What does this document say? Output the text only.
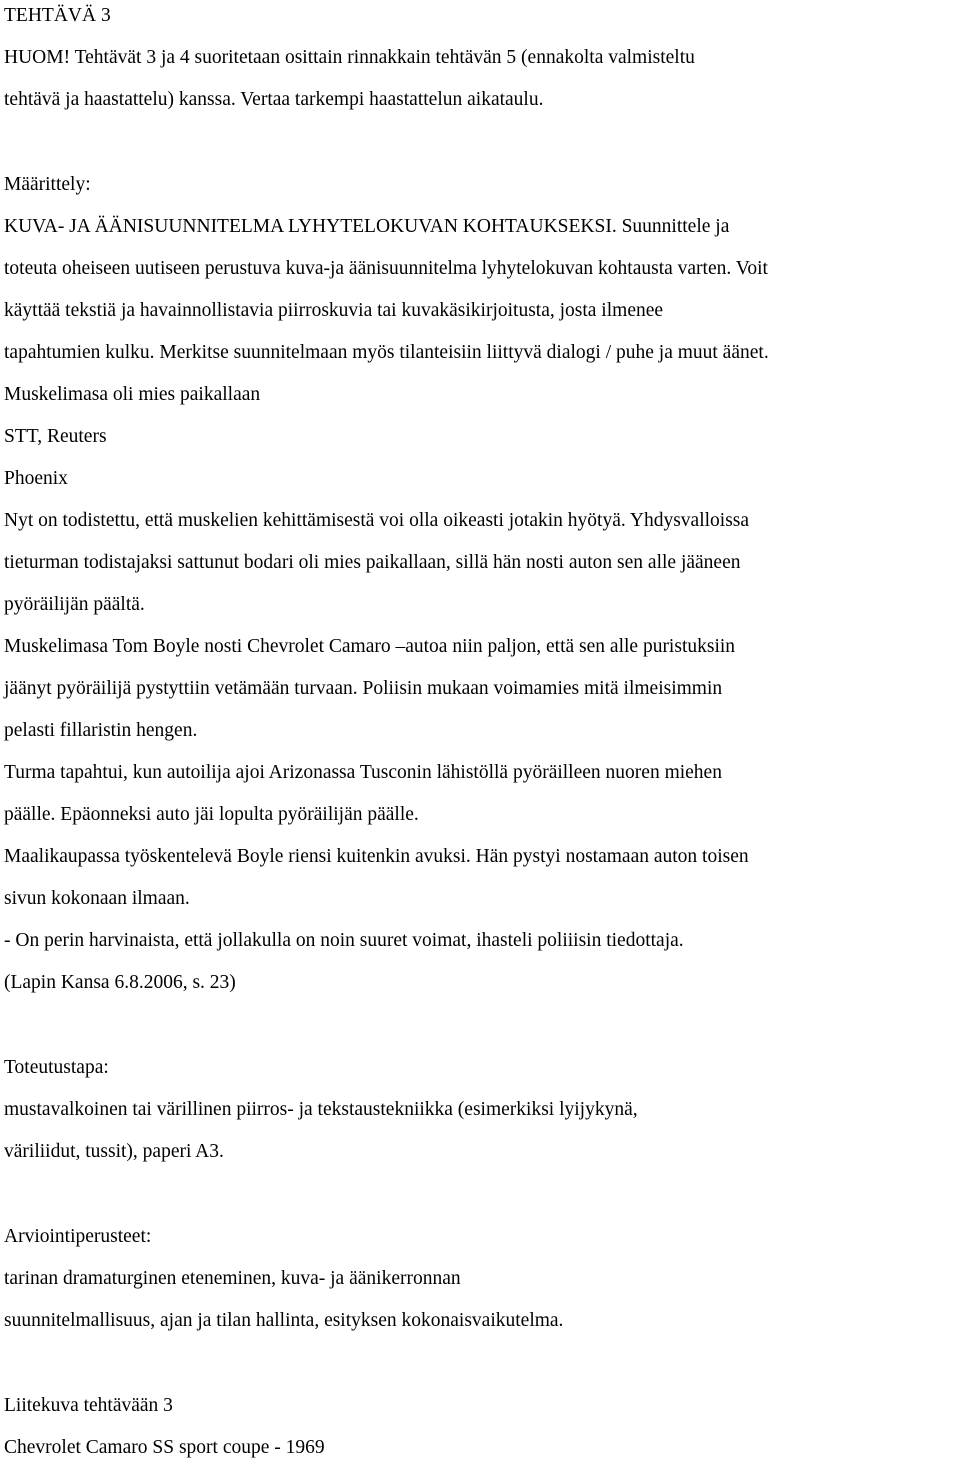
TEHTÄVÄ 3
HUOM! Tehtävät 3 ja 4 suoritetaan osittain rinnakkain tehtävän 5 (ennakolta valmisteltu
tehtävä ja haastattelu) kanssa. Vertaa tarkempi haastattelun aikataulu.
Määrittely:
KUVA- JA ÄÄNISUUNNITELMA LYHYTELOKUVAN KOHTAUKSEKSI. Suunnittele ja
toteuta oheiseen uutiseen perustuva kuva-ja äänisuunnitelma lyhytelokuvan kohtausta varten. Voit
käyttää tekstiä ja havainnollistavia piirroskuvia tai kuvakäsikirjoitusta, josta ilmenee
tapahtumien kulku. Merkitse suunnitelmaan myös tilanteisiin liittyvä dialogi / puhe ja muut äänet.
Muskelimasa oli mies paikallaan
STT, Reuters
Phoenix
Nyt on todistettu, että muskelien kehittämisestä voi olla oikeasti jotakin hyötyä. Yhdysvalloissa
tieturman todistajaksi sattunut bodari oli mies paikallaan, sillä hän nosti auton sen alle jääneen
pyöräilijän päältä.
Muskelimasa Tom Boyle nosti Chevrolet Camaro –autoa niin paljon, että sen alle puristuksiin
jäänyt pyöräilijä pystyttiin vetämään turvaan. Poliisin mukaan voimamies mitä ilmeisimmin
pelasti fillaristin hengen.
Turma tapahtui, kun autoilija ajoi Arizonassa Tusconin lähistöllä pyöräilleen nuoren miehen
päälle. Epäonneksi auto jäi lopulta pyöräilijän päälle.
Maalikaupassa työskentelevä Boyle riensi kuitenkin avuksi. Hän pystyi nostamaan auton toisen
sivun kokonaan ilmaan.
- On perin harvinaista, että jollakulla on noin suuret voimat, ihasteli poliiisin tiedottaja.
(Lapin Kansa 6.8.2006, s. 23)
Toteutustapa:
mustavalkoinen tai värillinen piirros- ja tekstaustekniikka (esimerkiksi lyijykynä,
väriliidut, tussit), paperi A3.
Arviointiperusteet:
tarinan dramaturginen eteneminen, kuva- ja äänikerronnan
suunnitelmallisuus, ajan ja tilan hallinta, esityksen kokonaisvaikutelma.
Liitekuva tehtävään 3
Chevrolet Camaro SS sport coupe - 1969
